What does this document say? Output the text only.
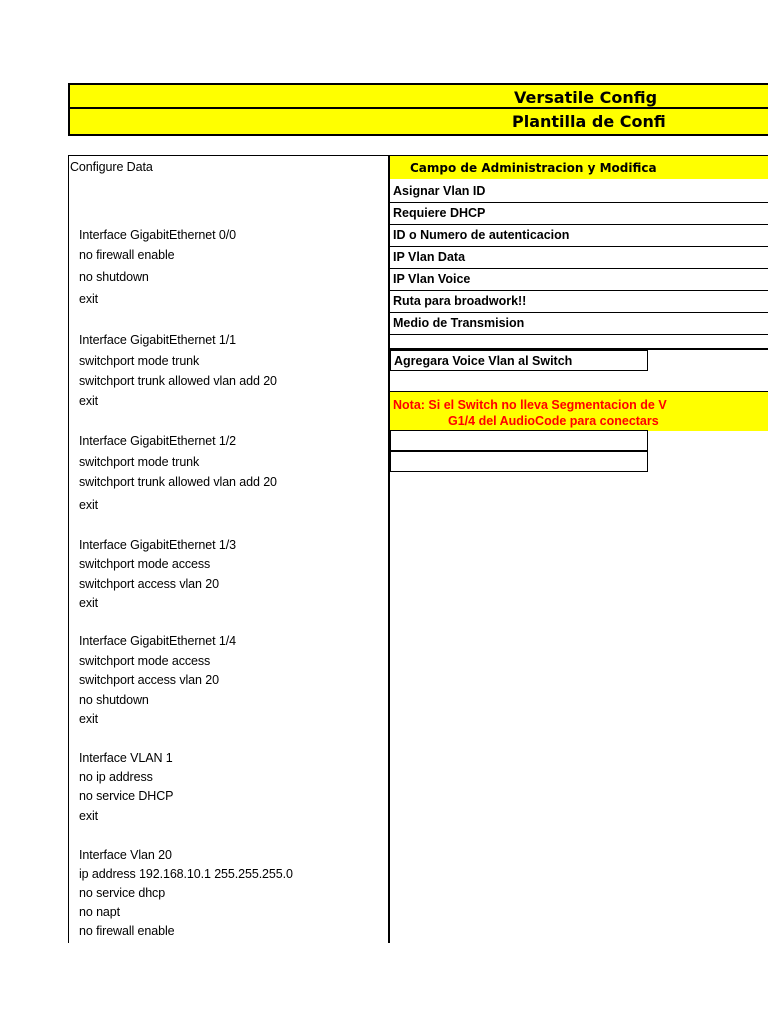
Versatile Config
Plantilla de Confi
Configure Data
Interface GigabitEthernet 0/0
no firewall enable
no shutdown
exit
Interface GigabitEthernet 1/1
switchport mode trunk
switchport trunk allowed vlan add 20
exit
Interface GigabitEthernet 1/2
switchport mode trunk
switchport trunk allowed vlan add 20
exit
Interface GigabitEthernet 1/3
switchport mode access
switchport access vlan 20
exit
Interface GigabitEthernet 1/4
switchport mode access
switchport access vlan 20
no shutdown
exit
Interface VLAN 1
no ip address
no service DHCP
exit
Interface Vlan 20
ip address 192.168.10.1 255.255.255.0
no service dhcp
no napt
no firewall enable
Campo de Administracion y Modifica
Asignar Vlan ID
Requiere DHCP
ID o Numero de autenticacion
IP Vlan Data
IP Vlan Voice
Ruta para broadwork!!
Medio de Transmision
Agregara Voice Vlan al Switch
Nota: Si el Switch no lleva Segmentacion de V
G1/4 del AudioCode para conectars
